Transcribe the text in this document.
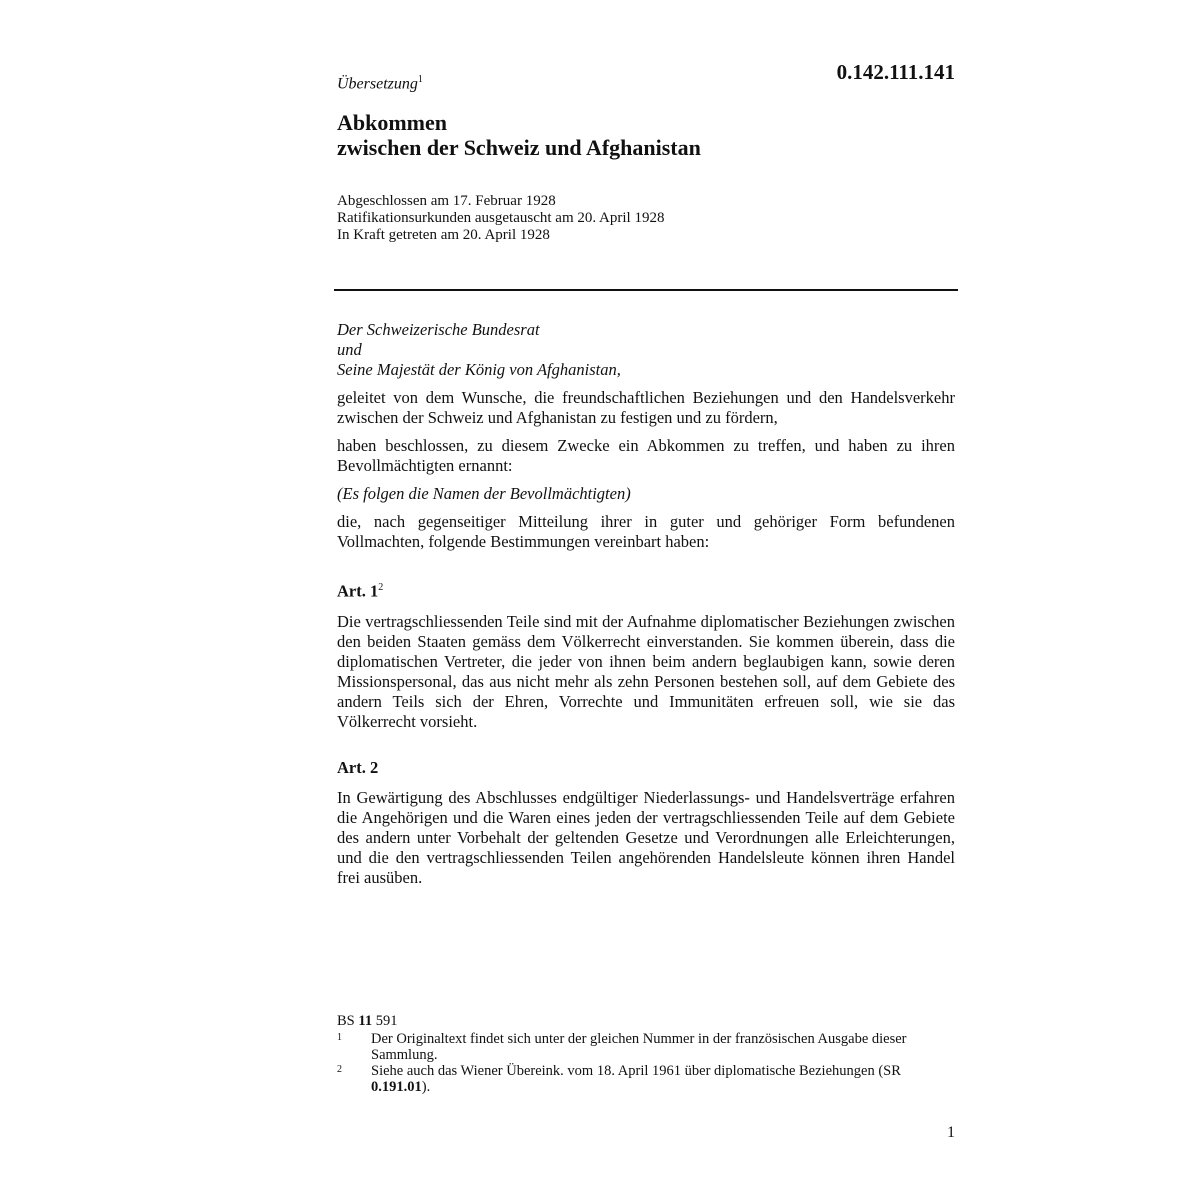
0.142.111.141

Übersetzung$^1$

Abkommen
zwischen der Schweiz und Afghanistan
Abgeschlossen am 17. Februar 1928
Ratifikationsurkunden ausgetauscht am 20. April 1928
In Kraft getreten am 20. April 1928
Der Schweizerische Bundesrat
und
Seine Majestät der König von Afghanistan,

geleitet von dem Wunsche, die freundschaftlichen Beziehungen und den Handelsverkehr zwischen der Schweiz und Afghanistan zu festigen und zu fördern,

haben beschlossen, zu diesem Zwecke ein Abkommen zu treffen, und haben zu ihren Bevollmächtigten ernannt:

(Es folgen die Namen der Bevollmächtigten)

die, nach gegenseitiger Mitteilung ihrer in guter und gehöriger Form befundenen Vollmachten, folgende Bestimmungen vereinbart haben:

Art. $1^2$

Die vertragschliessenden Teile sind mit der Aufnahme diplomatischer Beziehungen zwischen den beiden Staaten gemäss dem Völkerrecht einverstanden. Sie kommen überein, dass die diplomatischen Vertreter, die jeder von ihnen beim andern beglaubigen kann, sowie deren Missionspersonal, das aus nicht mehr als zehn Personen bestehen soll, auf dem Gebiete des andern Teils sich der Ehren, Vorrechte und Immunitäten erfreuen soll, wie sie das Völkerrecht vorsieht.

Art. 2

In Gewärtigung des Abschlusses endgültiger Niederlassungs- und Handelsverträge erfahren die Angehörigen und die Waren eines jeden der vertragschliessenden Teile auf dem Gebiete des andern unter Vorbehalt der geltenden Gesetze und Verordnungen alle Erleichterungen, und die den vertragschliessenden Teilen angehörenden Handelsleute können ihren Handel frei ausüben.

BS 11 591

1	Der Originaltext findet sich unter der gleichen Nummer in der französischen Ausgabe dieser Sammlung.
2	Siehe auch das Wiener Übereink. vom 18. April 1961 über diplomatische Beziehungen (SR 0.191.01).

1
